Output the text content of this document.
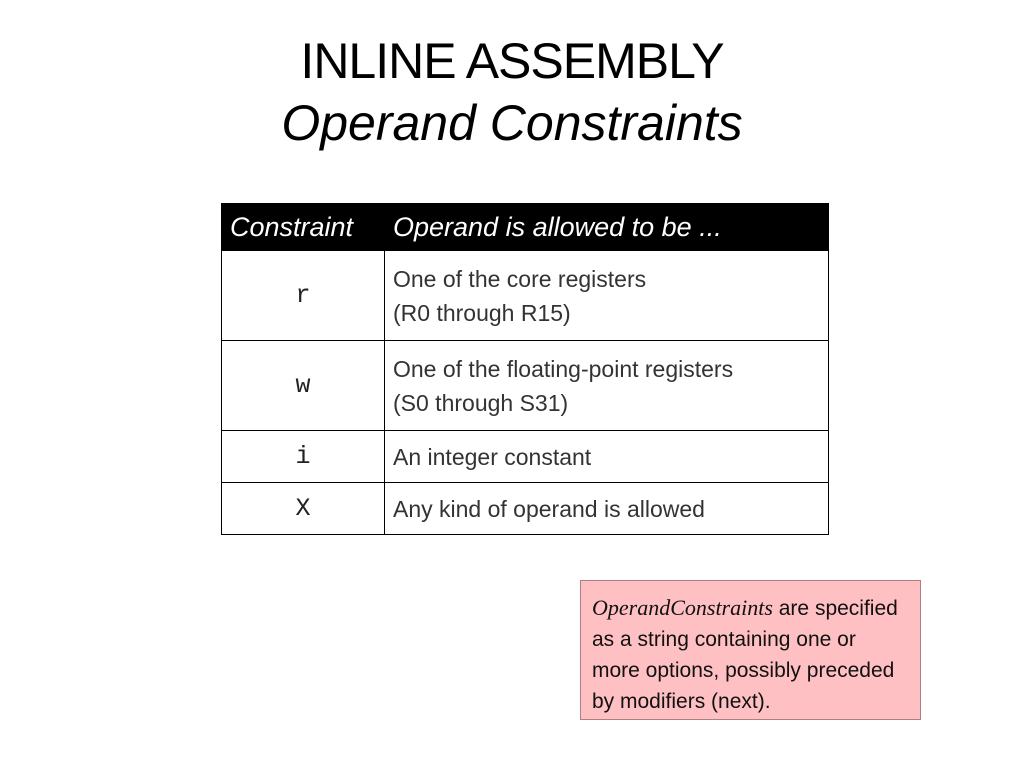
INLINE ASSEMBLY
Operand Constraints
Constraint	Operand is allowed to be ...
r	One of the core registers
(R0 through R15)

w	One of the floating-point registers
(S0 through S31)

i	An integer constant

X	Any kind of operand is allowed
OperandConstraints are specified as a string containing one or more options, possibly preceded by modifiers (next).
